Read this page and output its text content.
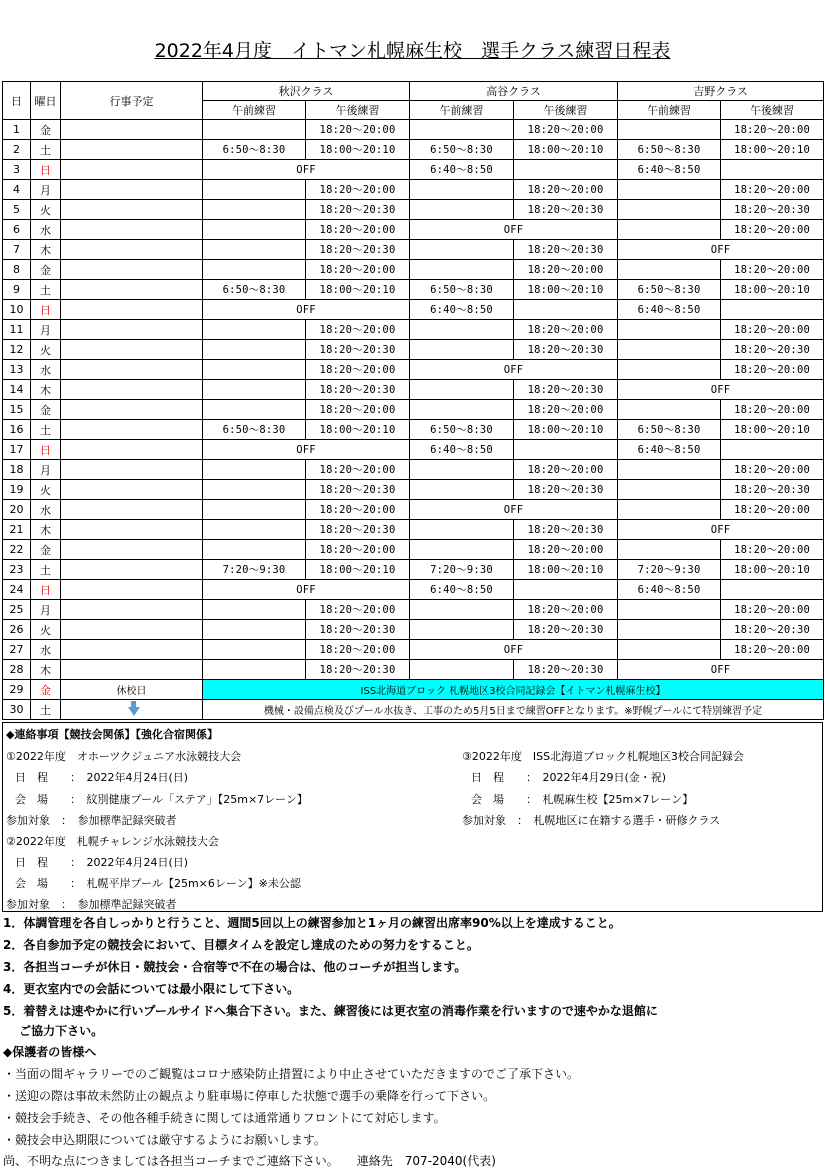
2022年4月度　イトマン札幌麻生校　選手クラス練習日程表
日	曜日	行事予定	秋沢クラス		高谷クラス		吉野クラス	
			午前練習	午後練習	午前練習	午後練習	午前練習	午後練習
1	金			18:20～20:00		18:20～20:00		18:20～20:00
2	土		6:50～8:30	18:00～20:10	6:50～8:30	18:00～20:10	6:50～8:30	18:00～20:10
3	日		OFF		6:40～8:50		6:40～8:50	
4	月			18:20～20:00		18:20～20:00		18:20～20:00
5	火			18:20～20:30		18:20～20:30		18:20～20:30
6	水			18:20～20:00	OFF			18:20～20:00
7	木			18:20～20:30		18:20～20:30	OFF	
8	金			18:20～20:00		18:20～20:00		18:20～20:00
9	土		6:50～8:30	18:00～20:10	6:50～8:30	18:00～20:10	6:50～8:30	18:00～20:10
10	日		OFF		6:40～8:50		6:40～8:50	
11	月			18:20～20:00		18:20～20:00		18:20～20:00
12	火			18:20～20:30		18:20～20:30		18:20～20:30
13	水			18:20～20:00	OFF			18:20～20:00
14	木			18:20～20:30		18:20～20:30	OFF	
15	金			18:20～20:00		18:20～20:00		18:20～20:00
16	土		6:50～8:30	18:00～20:10	6:50～8:30	18:00～20:10	6:50～8:30	18:00～20:10
17	日		OFF		6:40～8:50		6:40～8:50	
18	月			18:20～20:00		18:20～20:00		18:20～20:00
19	火			18:20～20:30		18:20～20:30		18:20～20:30
20	水			18:20～20:00	OFF			18:20～20:00
21	木			18:20～20:30		18:20～20:30	OFF	
22	金			18:20～20:00		18:20～20:00		18:20～20:00
23	土		7:20～9:30	18:00～20:10	7:20～9:30	18:00～20:10	7:20～9:30	18:00～20:10
24	日		OFF		6:40～8:50		6:40～8:50	
25	月			18:20～20:00		18:20～20:00		18:20～20:00
26	火			18:20～20:30		18:20～20:30		18:20～20:30
27	水			18:20～20:00	OFF			18:20～20:00
28	木			18:20～20:30		18:20～20:30	OFF	
29	金	休校日	ISS北海道ブロック 札幌地区3校合同記録会【イトマン札幌麻生校】					
30	土		機械・設備点検及びプール水抜き、工事のため5月5日まで練習OFFとなります。※野幌プールにて特別練習予定					
◆連絡事項【競技会関係】【強化合宿関係】
①2022年度　オホーツクジュニア水泳競技大会
日　程　　：　2022年4月24日(日)
会　場　　：　紋別健康プール「ステア」【25m×7レーン】
参加対象　：　参加標準記録突破者
②2022年度　札幌チャレンジ水泳競技大会
日　程　　：　2022年4月24日(日)
会　場　　：　札幌平岸プール【25m×6レーン】※未公認
参加対象　：　参加標準記録突破者
③2022年度　ISS北海道ブロック札幌地区3校合同記録会
日　程　　：　2022年4月29日(金・祝)
会　場　　：　札幌麻生校【25m×7レーン】
参加対象　：　札幌地区に在籍する選手・研修クラス
1．体調管理を各自しっかりと行うこと、週間5回以上の練習参加と1ヶ月の練習出席率90%以上を達成すること。
2．各自参加予定の競技会において、目標タイムを設定し達成のための努力をすること。
3．各担当コーチが休日・競技会・合宿等で不在の場合は、他のコーチが担当します。
4．更衣室内での会話については最小限にして下さい。
5．着替えは速やかに行いプールサイドへ集合下さい。また、練習後には更衣室の消毒作業を行いますので速やかな退館に
　 ご協力下さい。
◆保護者の皆様へ
・当面の間ギャラリーでのご観覧はコロナ感染防止措置により中止させていただきますのでご了承下さい。
・送迎の際は事故未然防止の観点より駐車場に停車した状態で選手の乗降を行って下さい。
・競技会手続き、その他各種手続きに関しては通常通りフロントにて対応します。
・競技会申込期限については厳守するようにお願いします。
尚、不明な点につきましては各担当コーチまでご連絡下さい。　　連絡先　707-2040(代表)
